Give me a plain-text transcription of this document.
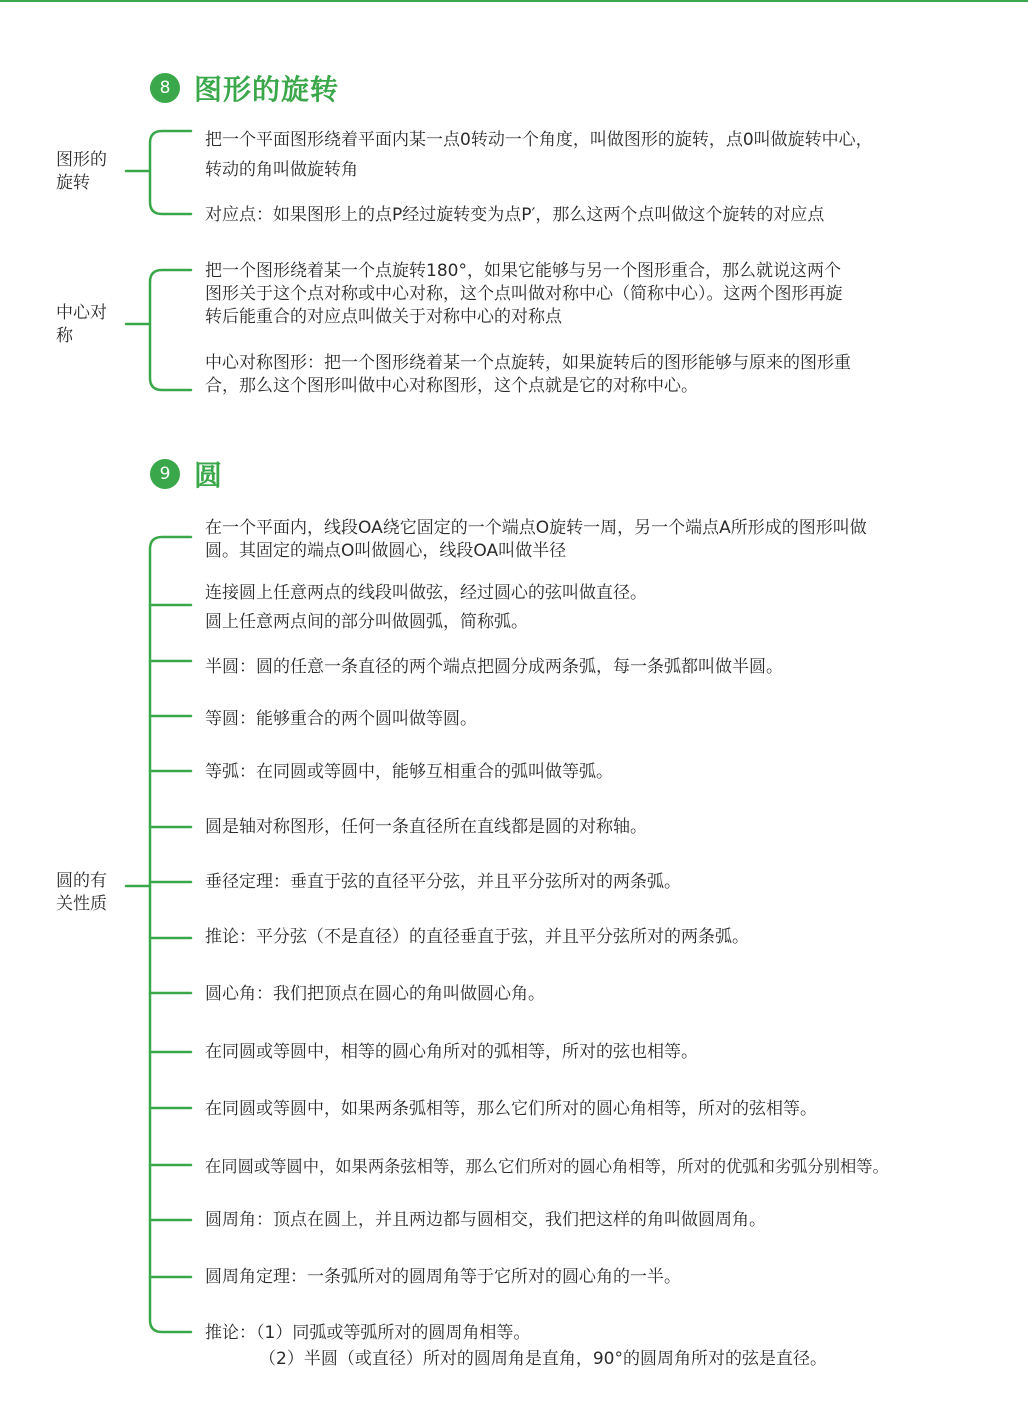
8 图形的旋转
图形的
旋转
把一个平面图形绕着平面内某一点0转动一个角度，叫做图形的旋转，点0叫做旋转中心，
转动的角叫做旋转角
对应点：如果图形上的点P经过旋转变为点P′，那么这两个点叫做这个旋转的对应点
中心对
称
把一个图形绕着某一个点旋转180°，如果它能够与另一个图形重合，那么就说这两个
图形关于这个点对称或中心对称，这个点叫做对称中心（简称中心）。这两个图形再旋
转后能重合的对应点叫做关于对称中心的对称点
中心对称图形：把一个图形绕着某一个点旋转，如果旋转后的图形能够与原来的图形重
合，那么这个图形叫做中心对称图形，这个点就是它的对称中心。
9 圆
圆的有
关性质
在一个平面内，线段OA绕它固定的一个端点O旋转一周，另一个端点A所形成的图形叫做
圆。其固定的端点O叫做圆心，线段OA叫做半径
连接圆上任意两点的线段叫做弦，经过圆心的弦叫做直径。
圆上任意两点间的部分叫做圆弧，简称弧。
半圆：圆的任意一条直径的两个端点把圆分成两条弧，每一条弧都叫做半圆。
等圆：能够重合的两个圆叫做等圆。
等弧：在同圆或等圆中，能够互相重合的弧叫做等弧。
圆是轴对称图形，任何一条直径所在直线都是圆的对称轴。
垂径定理：垂直于弦的直径平分弦，并且平分弦所对的两条弧。
推论：平分弦（不是直径）的直径垂直于弦，并且平分弦所对的两条弧。
圆心角：我们把顶点在圆心的角叫做圆心角。
在同圆或等圆中，相等的圆心角所对的弧相等，所对的弦也相等。
在同圆或等圆中，如果两条弧相等，那么它们所对的圆心角相等，所对的弦相等。
在同圆或等圆中，如果两条弦相等，那么它们所对的圆心角相等，所对的优弧和劣弧分别相等。
圆周角：顶点在圆上，并且两边都与圆相交，我们把这样的角叫做圆周角。
圆周角定理：一条弧所对的圆周角等于它所对的圆心角的一半。
推论：（1）同弧或等弧所对的圆周角相等。
（2）半圆（或直径）所对的圆周角是直角，90°的圆周角所对的弦是直径。
